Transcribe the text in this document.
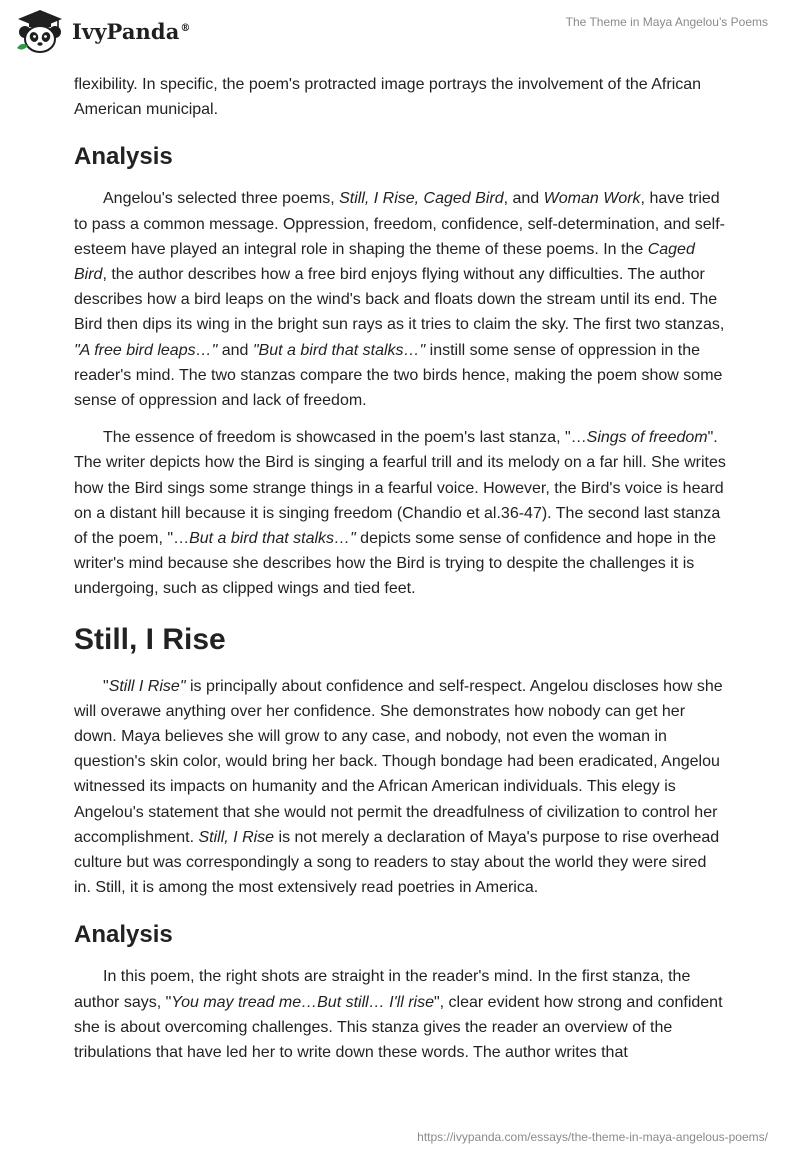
IvyPanda®	The Theme in Maya Angelou’s Poems

flexibility. In specific, the poem's protracted image portrays the involvement of the African American municipal.

Analysis

Angelou's selected three poems, Still, I Rise, Caged Bird, and Woman Work, have tried to pass a common message. Oppression, freedom, confidence, self-determination, and self-esteem have played an integral role in shaping the theme of these poems. In the Caged Bird, the author describes how a free bird enjoys flying without any difficulties. The author describes how a bird leaps on the wind's back and floats down the stream until its end. The Bird then dips its wing in the bright sun rays as it tries to claim the sky. The first two stanzas, "A free bird leaps…" and "But a bird that stalks…" instill some sense of oppression in the reader's mind. The two stanzas compare the two birds hence, making the poem show some sense of oppression and lack of freedom.

The essence of freedom is showcased in the poem's last stanza, "…Sings of freedom". The writer depicts how the Bird is singing a fearful trill and its melody on a far hill. She writes how the Bird sings some strange things in a fearful voice. However, the Bird's voice is heard on a distant hill because it is singing freedom (Chandio et al.36-47). The second last stanza of the poem, "…But a bird that stalks…" depicts some sense of confidence and hope in the writer's mind because she describes how the Bird is trying to despite the challenges it is undergoing, such as clipped wings and tied feet.

Still, I Rise

"Still I Rise" is principally about confidence and self-respect. Angelou discloses how she will overawe anything over her confidence. She demonstrates how nobody can get her down. Maya believes she will grow to any case, and nobody, not even the woman in question's skin color, would bring her back. Though bondage had been eradicated, Angelou witnessed its impacts on humanity and the African American individuals. This elegy is Angelou's statement that she would not permit the dreadfulness of civilization to control her accomplishment. Still, I Rise is not merely a declaration of Maya's purpose to rise overhead culture but was correspondingly a song to readers to stay about the world they were sired in. Still, it is among the most extensively read poetries in America.

Analysis

In this poem, the right shots are straight in the reader's mind. In the first stanza, the author says, "You may tread me…But still… I'll rise", clear evident how strong and confident she is about overcoming challenges. This stanza gives the reader an overview of the tribulations that have led her to write down these words. The author writes that

https://ivypanda.com/essays/the-theme-in-maya-angelous-poems/
